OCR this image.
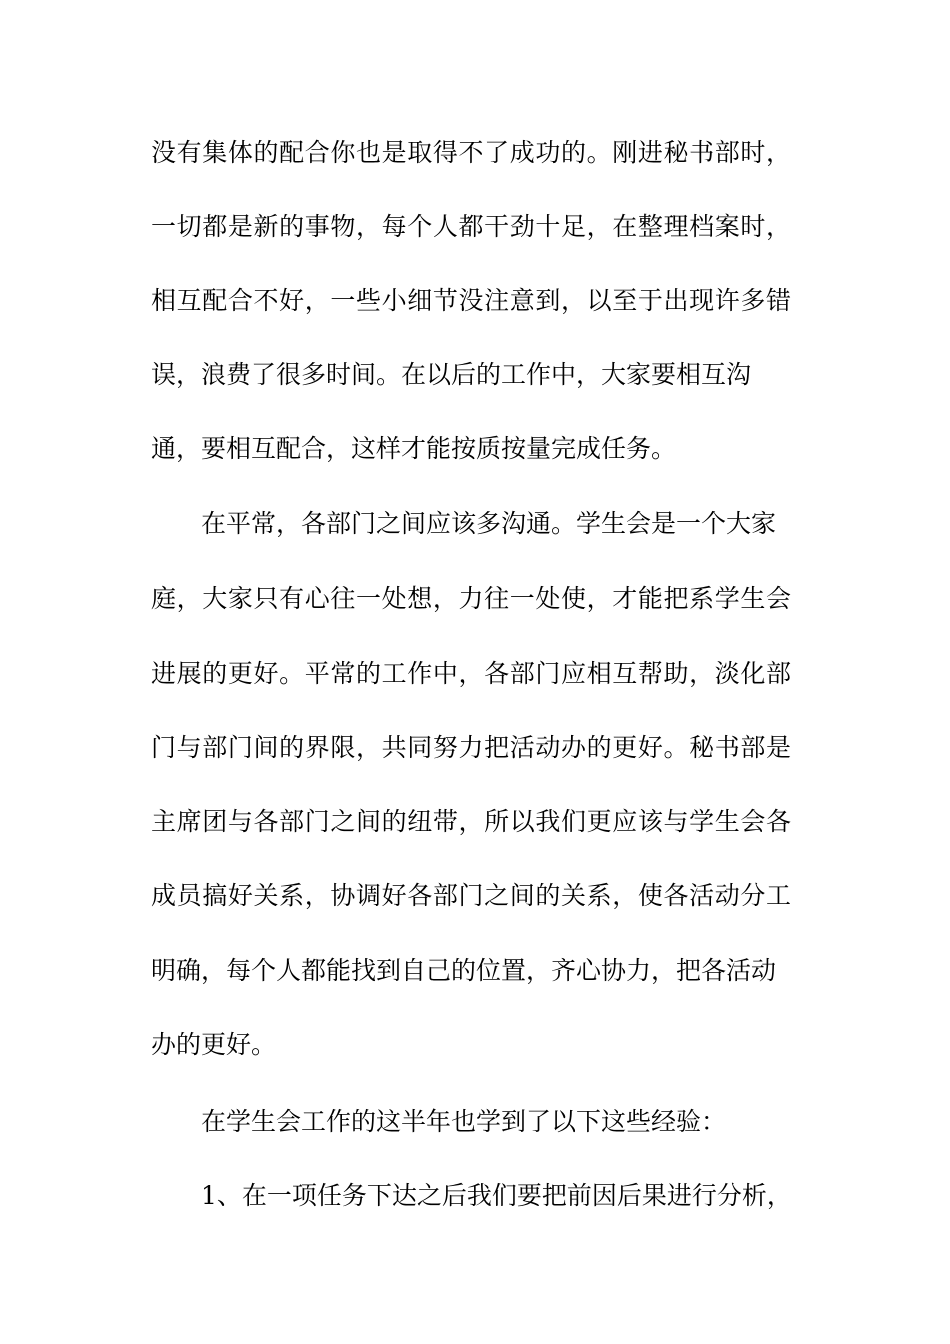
没有集体的配合你也是取得不了成功的。刚进秘书部时，
一切都是新的事物，每个人都干劲十足，在整理档案时，
相互配合不好，一些小细节没注意到，以至于出现许多错
误，浪费了很多时间。在以后的工作中，大家要相互沟
通，要相互配合，这样才能按质按量完成任务。
在平常，各部门之间应该多沟通。学生会是一个大家
庭，大家只有心往一处想，力往一处使，才能把系学生会
进展的更好。平常的工作中，各部门应相互帮助，淡化部
门与部门间的界限，共同努力把活动办的更好。秘书部是
主席团与各部门之间的纽带，所以我们更应该与学生会各
成员搞好关系，协调好各部门之间的关系，使各活动分工
明确，每个人都能找到自己的位置，齐心协力，把各活动
办的更好。
在学生会工作的这半年也学到了以下这些经验：
1、在一项任务下达之后我们要把前因后果进行分析，
